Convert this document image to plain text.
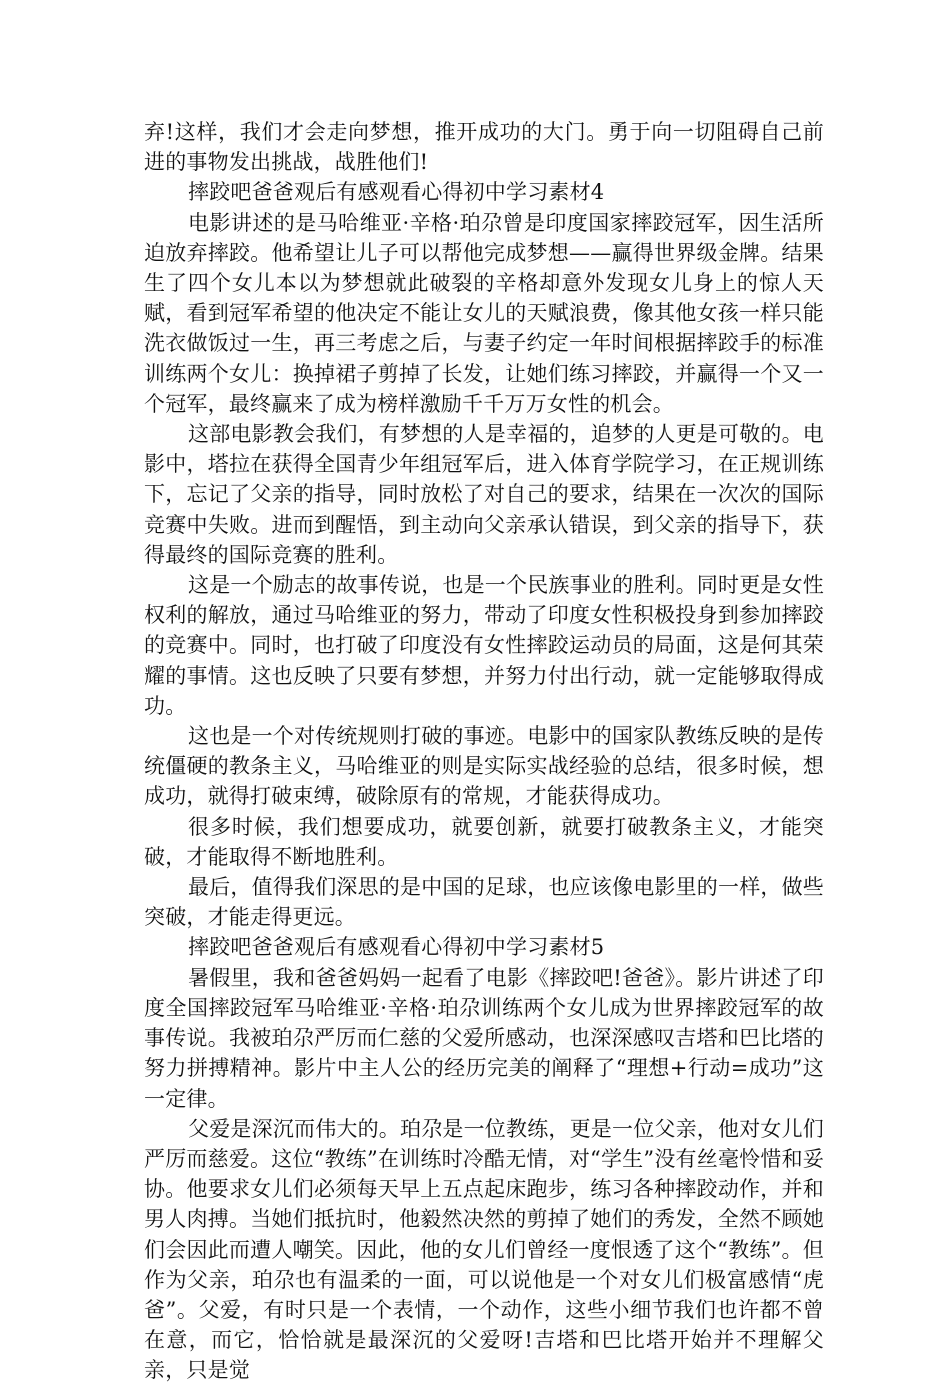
弃!这样，我们才会走向梦想，推开成功的大门。勇于向一切阻碍自己前进的事物发出挑战，战胜他们!

摔跤吧爸爸观后有感观看心得初中学习素材4

电影讲述的是马哈维亚·辛格·珀尕曾是印度国家摔跤冠军，因生活所迫放弃摔跤。他希望让儿子可以帮他完成梦想——赢得世界级金牌。结果生了四个女儿本以为梦想就此破裂的辛格却意外发现女儿身上的惊人天赋，看到冠军希望的他决定不能让女儿的天赋浪费，像其他女孩一样只能洗衣做饭过一生，再三考虑之后，与妻子约定一年时间根据摔跤手的标准训练两个女儿：换掉裙子剪掉了长发，让她们练习摔跤，并赢得一个又一个冠军，最终赢来了成为榜样激励千千万万女性的机会。

这部电影教会我们，有梦想的人是幸福的，追梦的人更是可敬的。电影中，塔拉在获得全国青少年组冠军后，进入体育学院学习，在正规训练下，忘记了父亲的指导，同时放松了对自己的要求，结果在一次次的国际竞赛中失败。进而到醒悟，到主动向父亲承认错误，到父亲的指导下，获得最终的国际竞赛的胜利。

这是一个励志的故事传说，也是一个民族事业的胜利。同时更是女性权利的解放，通过马哈维亚的努力，带动了印度女性积极投身到参加摔跤的竞赛中。同时，也打破了印度没有女性摔跤运动员的局面，这是何其荣耀的事情。这也反映了只要有梦想，并努力付出行动，就一定能够取得成功。

这也是一个对传统规则打破的事迹。电影中的国家队教练反映的是传统僵硬的教条主义，马哈维亚的则是实际实战经验的总结，很多时候，想成功，就得打破束缚，破除原有的常规，才能获得成功。

很多时候，我们想要成功，就要创新，就要打破教条主义，才能突破，才能取得不断地胜利。

最后，值得我们深思的是中国的足球，也应该像电影里的一样，做些突破，才能走得更远。

摔跤吧爸爸观后有感观看心得初中学习素材5

暑假里，我和爸爸妈妈一起看了电影《摔跤吧!爸爸》。影片讲述了印度全国摔跤冠军马哈维亚·辛格·珀尕训练两个女儿成为世界摔跤冠军的故事传说。我被珀尕严厉而仁慈的父爱所感动，也深深感叹吉塔和巴比塔的努力拼搏精神。影片中主人公的经历完美的阐释了“理想+行动=成功”这一定律。

父爱是深沉而伟大的。珀尕是一位教练，更是一位父亲，他对女儿们严厉而慈爱。这位“教练”在训练时冷酷无情，对“学生”没有丝毫怜惜和妥协。他要求女儿们必须每天早上五点起床跑步，练习各种摔跤动作，并和男人肉搏。当她们抵抗时，他毅然决然的剪掉了她们的秀发，全然不顾她们会因此而遭人嘲笑。因此，他的女儿们曾经一度恨透了这个“教练”。但作为父亲，珀尕也有温柔的一面，可以说他是一个对女儿们极富感情“虎爸”。父爱，有时只是一个表情，一个动作，这些小细节我们也许都不曾在意，而它，恰恰就是最深沉的父爱呀!吉塔和巴比塔开始并不理解父亲，只是觉
